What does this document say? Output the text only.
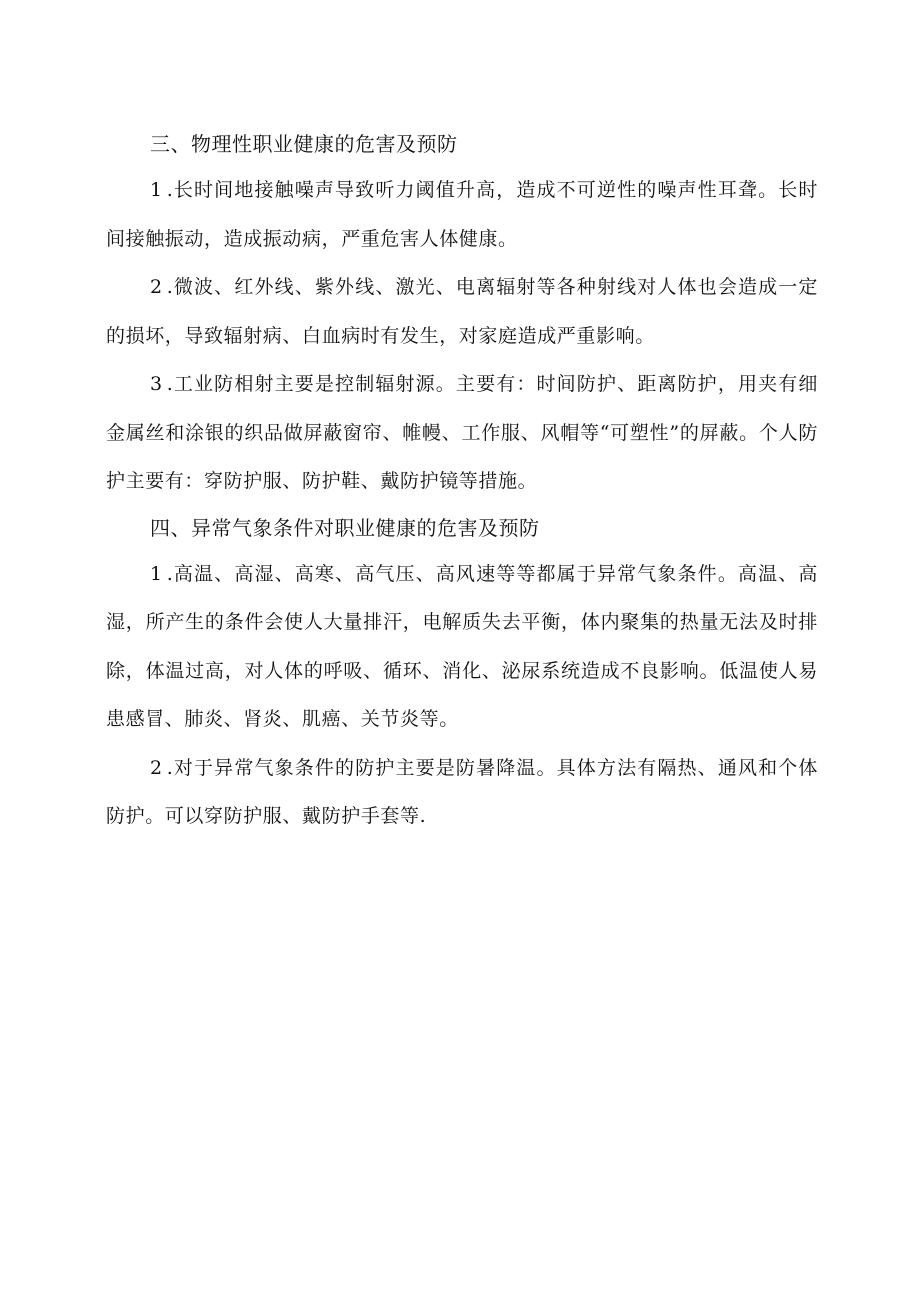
三、物理性职业健康的危害及预防

1 .长时间地接触噪声导致听力阈值升高，造成不可逆性的噪声性耳聋。长时间接触振动，造成振动病，严重危害人体健康。

2 .微波、红外线、紫外线、激光、电离辐射等各种射线对人体也会造成一定的损坏，导致辐射病、白血病时有发生，对家庭造成严重影响。

3 .工业防相射主要是控制辐射源。主要有：时间防护、距离防护，用夹有细金属丝和涂银的织品做屏蔽窗帘、帷幔、工作服、风帽等“可塑性”的屏蔽。个人防护主要有：穿防护服、防护鞋、戴防护镜等措施。

四、异常气象条件对职业健康的危害及预防

1 .高温、高湿、高寒、高气压、高风速等等都属于异常气象条件。高温、高湿，所产生的条件会使人大量排汗，电解质失去平衡，体内聚集的热量无法及时排除，体温过高，对人体的呼吸、循环、消化、泌尿系统造成不良影响。低温使人易患感冒、肺炎、肾炎、肌癌、关节炎等。

2 .对于异常气象条件的防护主要是防暑降温。具体方法有隔热、通风和个体防护。可以穿防护服、戴防护手套等.
